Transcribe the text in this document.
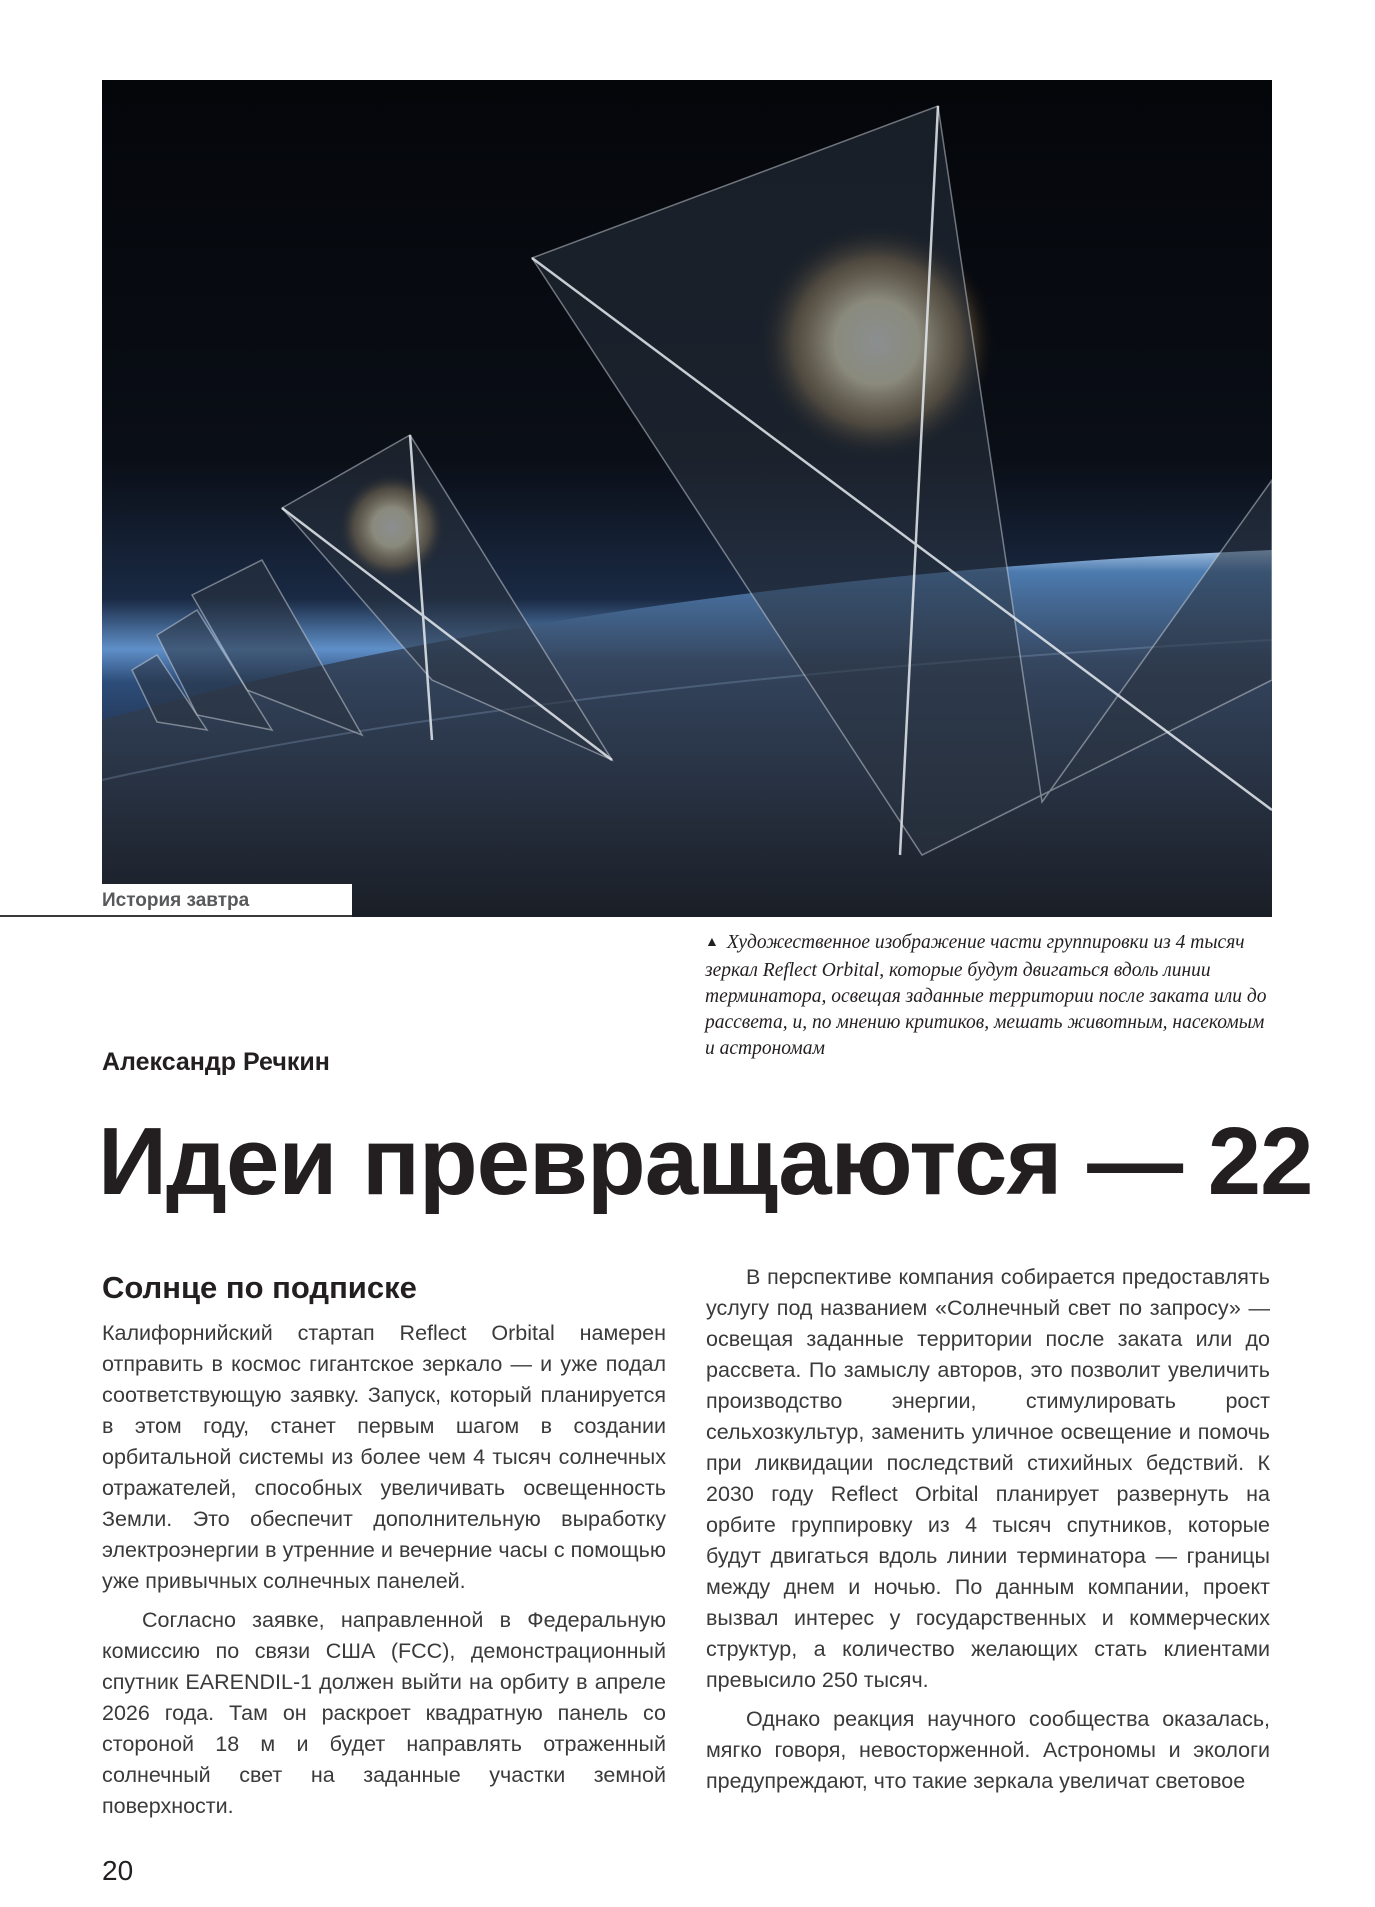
История завтра
▲ Художественное изображение части группировки из 4 тысяч зеркал Reflect Orbital, которые будут двигаться вдоль линии терминатора, освещая заданные территории после заката или до рассвета, и, по мнению критиков, мешать животным, насекомым и астрономам
Александр Речкин
Идеи превращаются — 22
Солнце по подписке

Калифорнийский стартап Reflect Orbital намерен отправить в космос гигантское зеркало — и уже подал соответствующую заявку. Запуск, который планируется в этом году, станет первым шагом в создании орбитальной системы из более чем 4 тысяч солнечных отражателей, способных увеличивать освещенность Земли. Это обеспечит дополнительную выработку электроэнергии в утренние и вечерние часы с помощью уже привычных солнечных панелей.

Согласно заявке, направленной в Федеральную комиссию по связи США (FCC), демонстрационный спутник EARENDIL-1 должен выйти на орбиту в апреле 2026 года. Там он раскроет квадратную панель со стороной 18 м и будет направлять отраженный солнечный свет на заданные участки земной поверхности.

В перспективе компания собирается предоставлять услугу под названием «Солнечный свет по запросу» — освещая заданные территории после заката или до рассвета. По замыслу авторов, это позволит увеличить производство энергии, стимулировать рост сельхозкультур, заменить уличное освещение и помочь при ликвидации последствий стихийных бедствий. К 2030 году Reflect Orbital планирует развернуть на орбите группировку из 4 тысяч спутников, которые будут двигаться вдоль линии терминатора — границы между днем и ночью. По данным компании, проект вызвал интерес у государственных и коммерческих структур, а количество желающих стать клиентами превысило 250 тысяч.

Однако реакция научного сообщества оказалась, мягко говоря, невосторженной. Астрономы и экологи предупреждают, что такие зеркала увеличат световое

20
